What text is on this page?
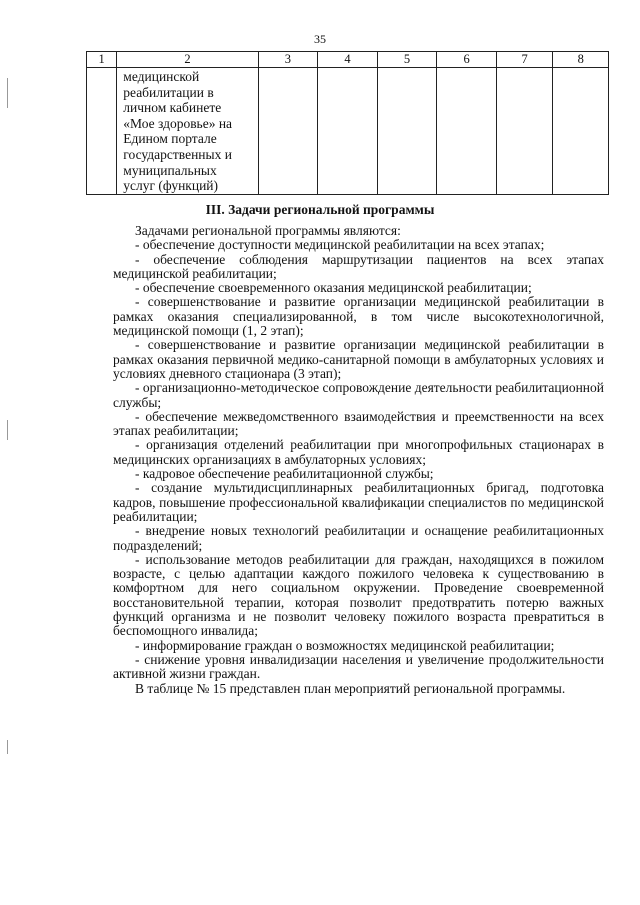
35
1	2	3	4	5	6	7	8
	медицинской реабилитации в личном кабинете «Мое здоровье» на Едином портале государственных и муниципальных услуг (функций)						
III. Задачи региональной программы

Задачами региональной программы являются:

- обеспечение доступности медицинской реабилитации на всех этапах;

- обеспечение соблюдения маршрутизации пациентов на всех этапах медицинской реабилитации;

- обеспечение своевременного оказания медицинской реабилитации;

- совершенствование и развитие организации медицинской реабилитации в рамках оказания специализированной, в том числе высокотехнологичной, медицинской помощи (1, 2 этап);

- совершенствование и развитие организации медицинской реабилитации в рамках оказания первичной медико-санитарной помощи в амбулаторных условиях и условиях дневного стационара (3 этап);

- организационно-методическое сопровождение деятельности реабилитационной службы;

- обеспечение межведомственного взаимодействия и преемственности на всех этапах реабилитации;

- организация отделений реабилитации при многопрофильных стационарах в медицинских организациях в амбулаторных условиях;

- кадровое обеспечение реабилитационной службы;

- создание мультидисциплинарных реабилитационных бригад, подготовка кадров, повышение профессиональной квалификации специалистов по медицинской реабилитации;

- внедрение новых технологий реабилитации и оснащение реабилитационных подразделений;

- использование методов реабилитации для граждан, находящихся в пожилом возрасте, с целью адаптации каждого пожилого человека к существованию в комфортном для него социальном окружении. Проведение своевременной восстановительной терапии, которая позволит предотвратить потерю важных функций организма и не позволит человеку пожилого возраста превратиться в беспомощного инвалида;

- информирование граждан о возможностях медицинской реабилитации;

- снижение уровня инвалидизации населения и увеличение продолжительности активной жизни граждан.

В таблице № 15 представлен план мероприятий региональной программы.
